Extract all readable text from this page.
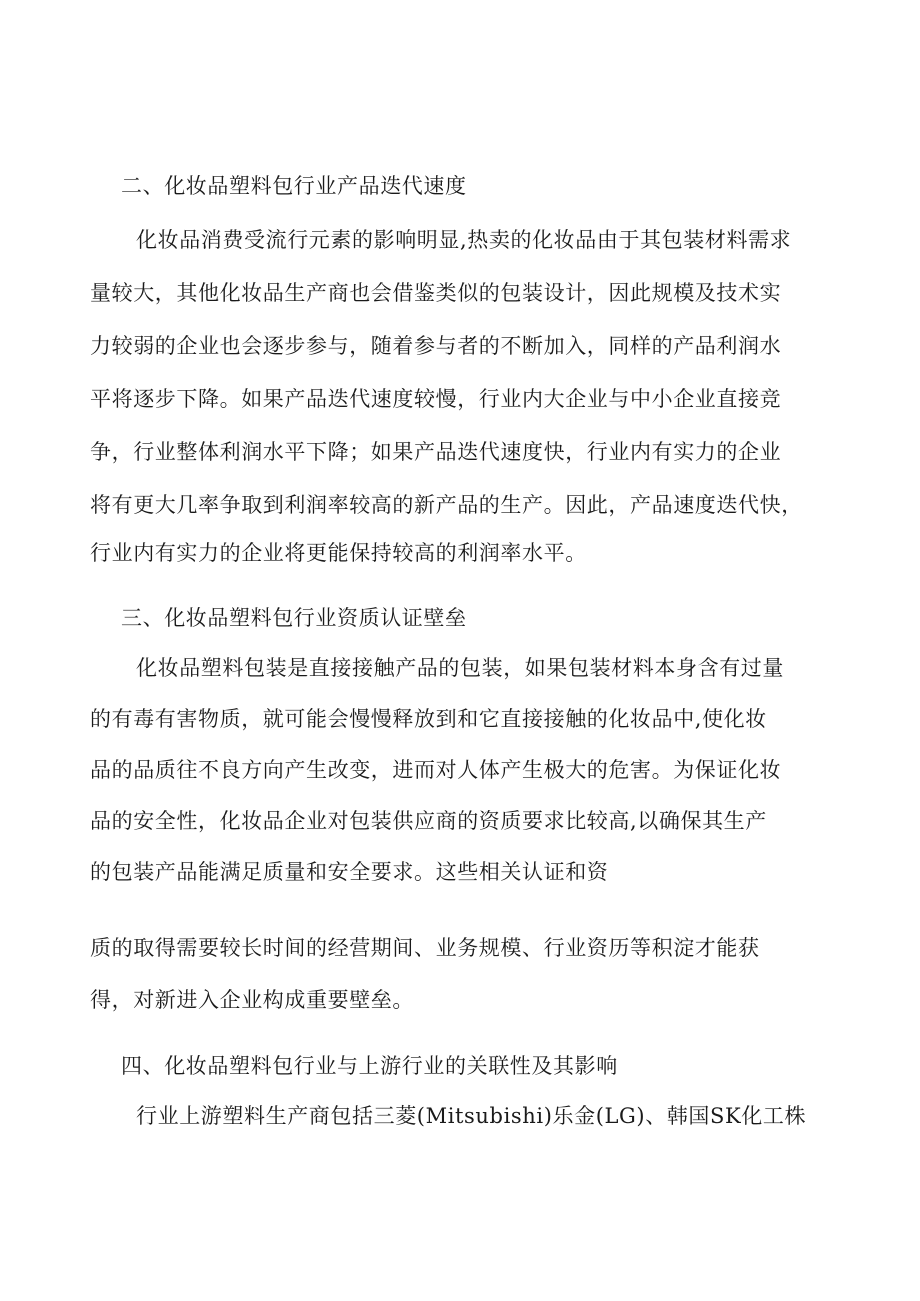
二、化妆品塑料包行业产品迭代速度
化妆品消费受流行元素的影响明显,热卖的化妆品由于其包装材料需求
量较大，其他化妆品生产商也会借鉴类似的包装设计，因此规模及技术实
力较弱的企业也会逐步参与，随着参与者的不断加入，同样的产品利润水
平将逐步下降。如果产品迭代速度较慢，行业内大企业与中小企业直接竞
争，行业整体利润水平下降；如果产品迭代速度快，行业内有实力的企业
将有更大几率争取到利润率较高的新产品的生产。因此，产品速度迭代快，
行业内有实力的企业将更能保持较高的利润率水平。
三、化妆品塑料包行业资质认证壁垒
化妆品塑料包装是直接接触产品的包装，如果包装材料本身含有过量
的有毒有害物质，就可能会慢慢释放到和它直接接触的化妆品中,使化妆
品的品质往不良方向产生改变，进而对人体产生极大的危害。为保证化妆
品的安全性，化妆品企业对包装供应商的资质要求比较高,以确保其生产
的包装产品能满足质量和安全要求。这些相关认证和资
质的取得需要较长时间的经营期间、业务规模、行业资历等积淀才能获
得，对新进入企业构成重要壁垒。
四、化妆品塑料包行业与上游行业的关联性及其影响
行业上游塑料生产商包括三菱(Mitsubishi)乐金(LG)、韩国SK化工株
